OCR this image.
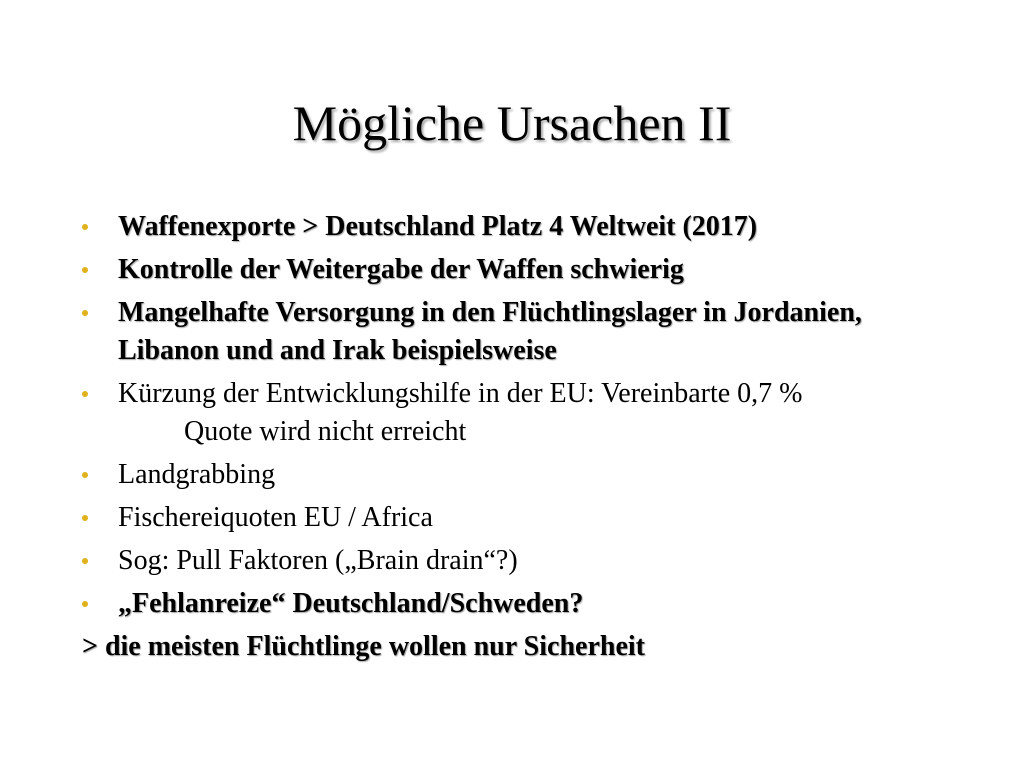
Mögliche Ursachen II
Waffenexporte > Deutschland Platz 4 Weltweit (2017)
Kontrolle der Weitergabe der Waffen schwierig
Mangelhafte Versorgung in den Flüchtlingslager in Jordanien,
Libanon und and Irak beispielsweise
Kürzung der Entwicklungshilfe in der EU: Vereinbarte 0,7 %
Quote wird nicht erreicht
Landgrabbing
Fischereiquoten EU / Africa
Sog: Pull Faktoren („Brain drain“?)
„Fehlanreize“ Deutschland/Schweden?
> die meisten Flüchtlinge wollen nur Sicherheit
